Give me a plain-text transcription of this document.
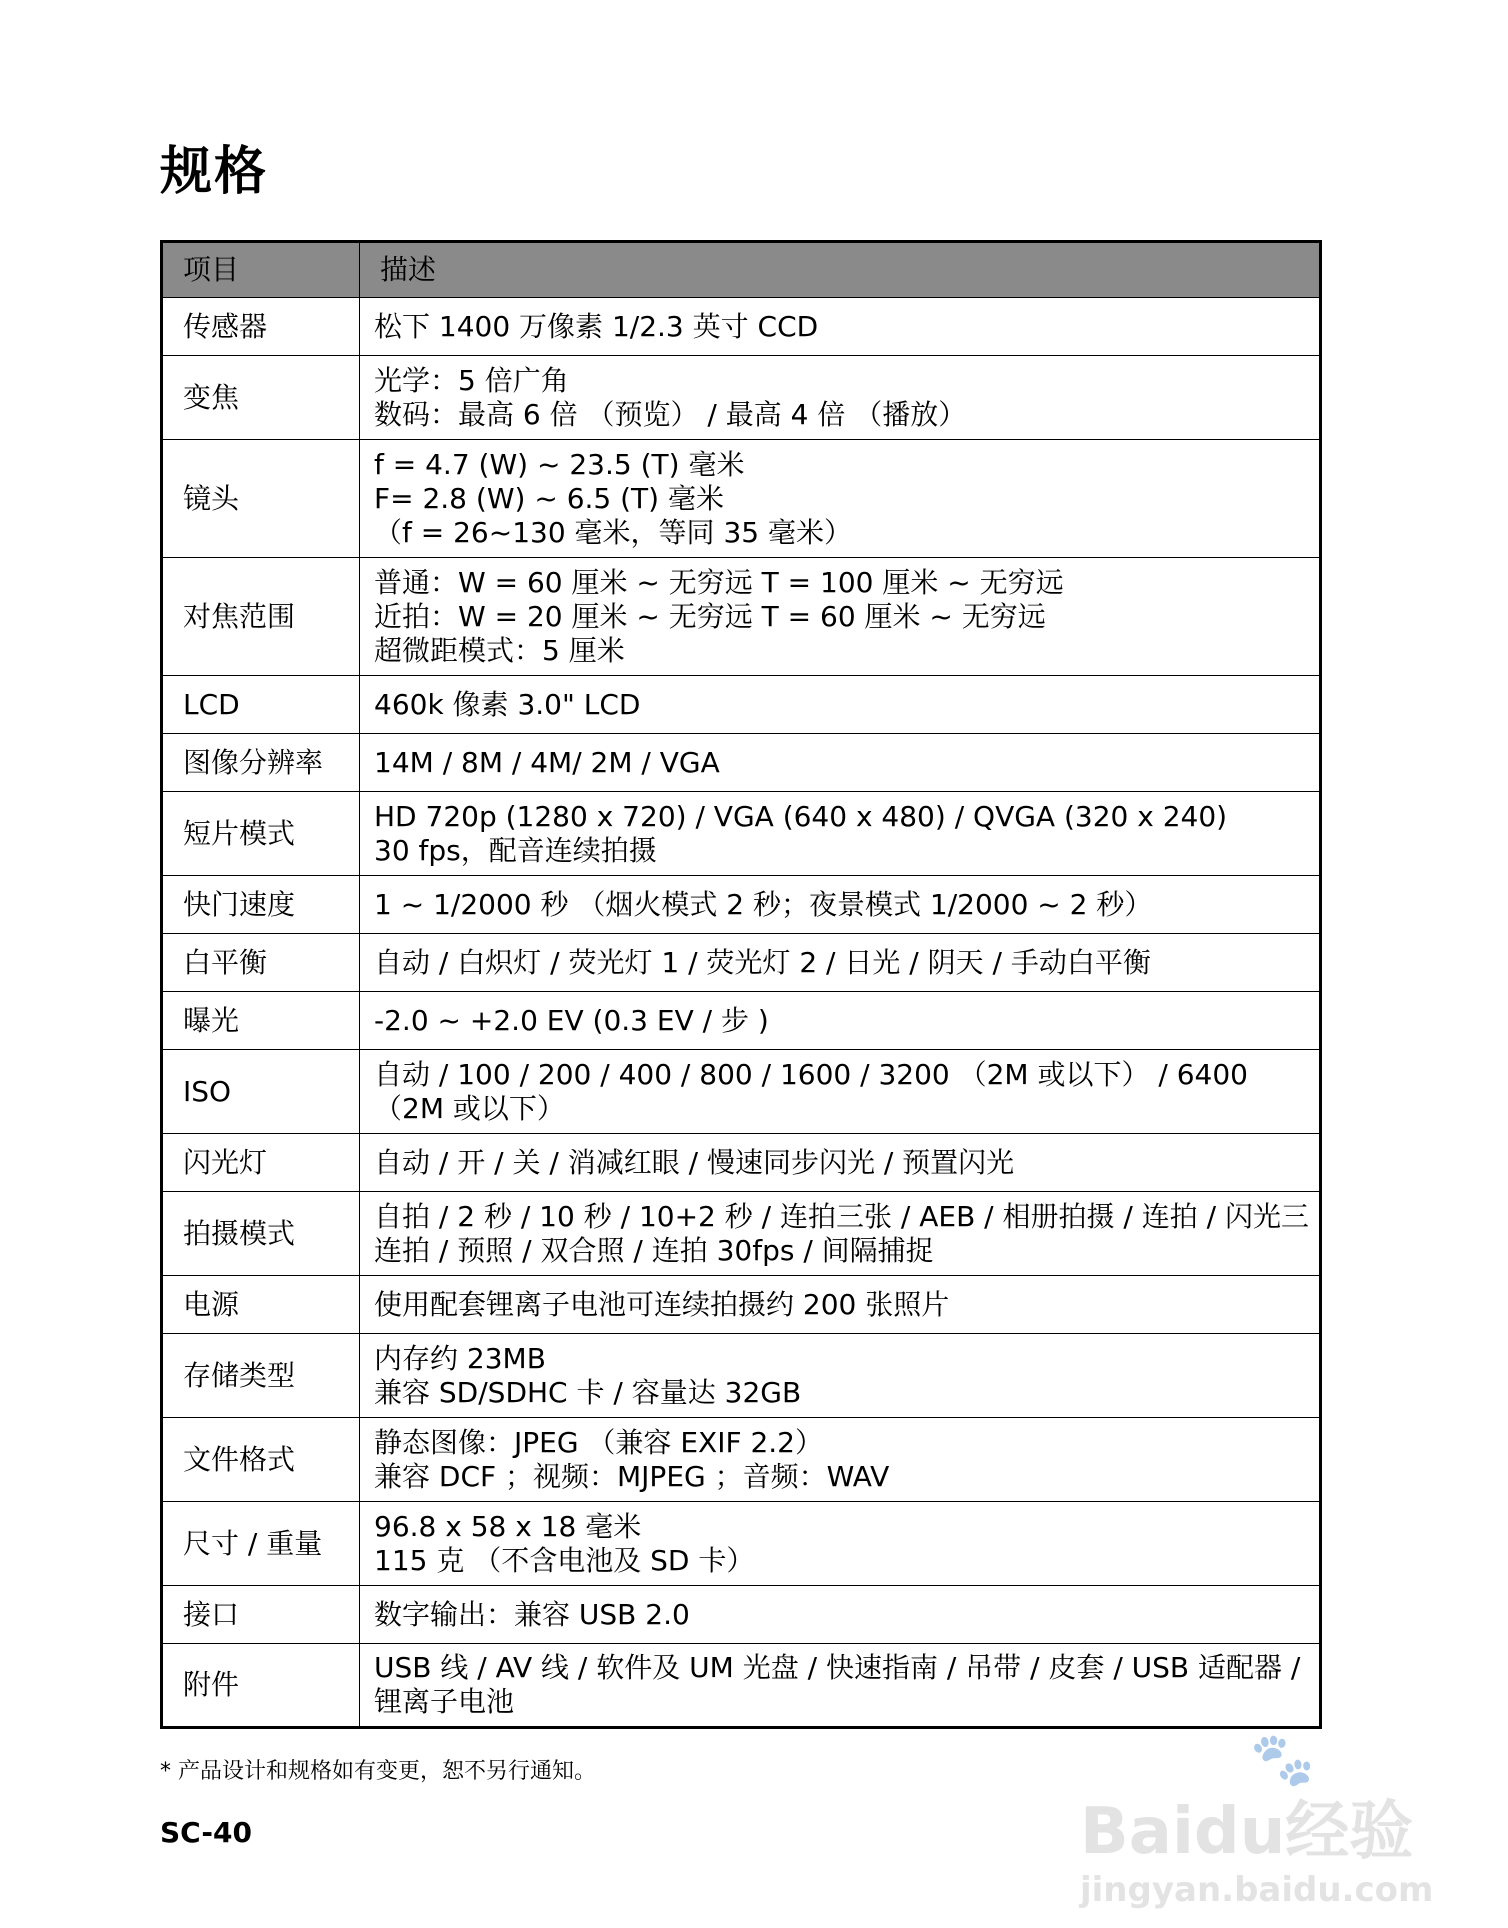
规格
项目	描述
传感器	松下 1400 万像素 1/2.3 英寸 CCD
变焦	光学：5 倍广角
数码：最高 6 倍 （预览） / 最高 4 倍 （播放）
镜头	f = 4.7 (W) ~ 23.5 (T) 毫米
F= 2.8 (W) ~ 6.5 (T) 毫米
（f = 26~130 毫米，等同 35 毫米）
对焦范围	普通：W = 60 厘米 ~ 无穷远 T = 100 厘米 ~ 无穷远
近拍：W = 20 厘米 ~ 无穷远 T = 60 厘米 ~ 无穷远
超微距模式：5 厘米
LCD	460k 像素 3.0" LCD
图像分辨率	14M / 8M / 4M/ 2M / VGA
短片模式	HD 720p (1280 x 720) / VGA (640 x 480) / QVGA (320 x 240)
30 fps，配音连续拍摄
快门速度	1 ~ 1/2000 秒 （烟火模式 2 秒；夜景模式 1/2000 ~ 2 秒）
白平衡	自动 / 白炽灯 / 荧光灯 1 / 荧光灯 2 / 日光 / 阴天 / 手动白平衡
曝光	-2.0 ~ +2.0 EV (0.3 EV / 步 )
ISO	自动 / 100 / 200 / 400 / 800 / 1600 / 3200 （2M 或以下） / 6400 （2M 或以下）
闪光灯	自动 / 开 / 关 / 消减红眼 / 慢速同步闪光 / 预置闪光
拍摄模式	自拍 / 2 秒 / 10 秒 / 10+2 秒 / 连拍三张 / AEB / 相册拍摄 / 连拍 / 闪光三连拍 / 预照 / 双合照 / 连拍 30fps / 间隔捕捉
电源	使用配套锂离子电池可连续拍摄约 200 张照片
存储类型	内存约 23MB
兼容 SD/SDHC 卡 / 容量达 32GB
文件格式	静态图像：JPEG （兼容 EXIF 2.2）
兼容 DCF ；视频：MJPEG ；音频：WAV
尺寸 / 重量	96.8 x 58 x 18 毫米
115 克 （不含电池及 SD 卡）
接口	数字输出：兼容 USB 2.0
附件	USB 线 / AV 线 / 软件及 UM 光盘 / 快速指南 / 吊带 / 皮套 / USB 适配器 / 锂离子电池

* 产品设计和规格如有变更，恕不另行通知。

SC-40

🐾
Baidu经验
jingyan.baidu.com
